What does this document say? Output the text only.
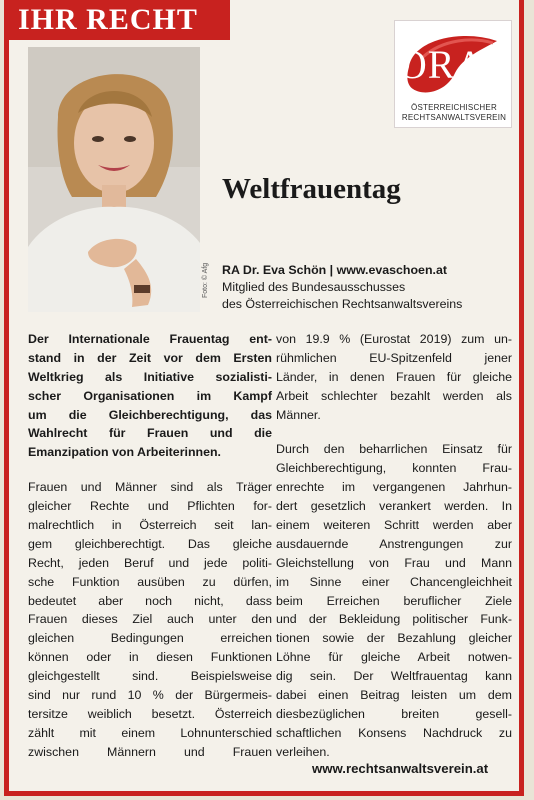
IHR RECHT
ÖRAV
ÖSTERREICHISCHER
RECHTSANWALTSVEREIN
Weltfrauentag
RA Dr. Eva Schön | www.evaschoen.at
Mitglied des Bundesausschusses
des Österreichischen Rechtsanwaltsvereins

Der Internationale Frauentag ent-
stand in der Zeit vor dem Ersten
Weltkrieg als Initiative sozialisti-
scher Organisationen im Kampf
um die Gleichberechtigung, das
Wahlrecht für Frauen und die
Emanzipation von Arbeiterinnen.

Frauen und Männer sind als Träger
gleicher Rechte und Pflichten for-
malrechtlich in Österreich seit lan-
gem gleichberechtigt. Das gleiche
Recht, jeden Beruf und jede politi-
sche Funktion ausüben zu dürfen,
bedeutet aber noch nicht, dass
Frauen dieses Ziel auch unter den
gleichen Bedingungen erreichen
können oder in diesen Funktionen
gleichgestellt sind. Beispielsweise
sind nur rund 10 % der Bürgermeis-
tersitze weiblich besetzt. Österreich
zählt mit einem Lohnunterschied
zwischen Männern und Frauen

von 19.9 % (Eurostat 2019) zum un-
rühmlichen EU-Spitzenfeld jener
Länder, in denen Frauen für gleiche
Arbeit schlechter bezahlt werden als
Männer.

Durch den beharrlichen Einsatz für
Gleichberechtigung, konnten Frau-
enrechte im vergangenen Jahrhun-
dert gesetzlich verankert werden. In
einem weiteren Schritt werden aber
ausdauernde Anstrengungen zur
Gleichstellung von Frau und Mann
im Sinne einer Chancengleichheit
beim Erreichen beruflicher Ziele
und der Bekleidung politischer Funk-
tionen sowie der Bezahlung gleicher
Löhne für gleiche Arbeit notwen-
dig sein. Der Weltfrauentag kann
dabei einen Beitrag leisten um dem
diesbezüglichen breiten gesell-
schaftlichen Konsens Nachdruck zu
verleihen.

www.rechtsanwaltsverein.at
